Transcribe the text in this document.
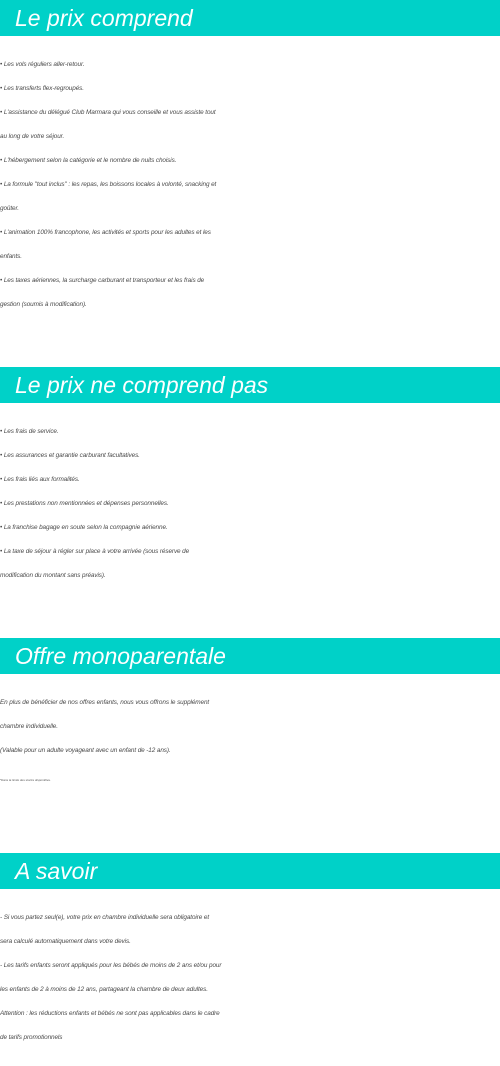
Le prix comprend
• Les vols réguliers aller-retour.
• Les transferts flex-regroupés.
• L'assistance du délégué Club Marmara qui vous conseille et vous assiste tout
au long de votre séjour.
• L'hébergement selon la catégorie et le nombre de nuits choisis.
• La formule "tout inclus" : les repas, les boissons locales à volonté, snacking et
goûter.
• L'animation 100% francophone, les activités et sports pour les adultes et les
enfants.
• Les taxes aériennes, la surcharge carburant et transporteur et les frais de
gestion (soumis à modification).
Le prix ne comprend pas
• Les frais de service.
• Les assurances et garantie carburant facultatives.
• Les frais liés aux formalités.
• Les prestations non mentionnées et dépenses personnelles.
• La franchise bagage en soute selon la compagnie aérienne.
• La taxe de séjour à régler sur place à votre arrivée (sous réserve de
modification du montant sans préavis).
Offre monoparentale
En plus de bénéficier de nos offres enfants, nous vous offrons le supplément
chambre individuelle.
(Valable pour un adulte voyageant avec un enfant de -12 ans).
*Dans la limite des stocks disponibles.
A savoir
- Si vous partez seul(e), votre prix en chambre individuelle sera obligatoire et
sera calculé automatiquement dans votre devis.
- Les tarifs enfants seront appliqués pour les bébés de moins de 2 ans et/ou pour
les enfants de 2 à moins de 12 ans, partageant la chambre de deux adultes.
Attention : les réductions enfants et bébés ne sont pas applicables dans le cadre
de tarifs promotionnels
